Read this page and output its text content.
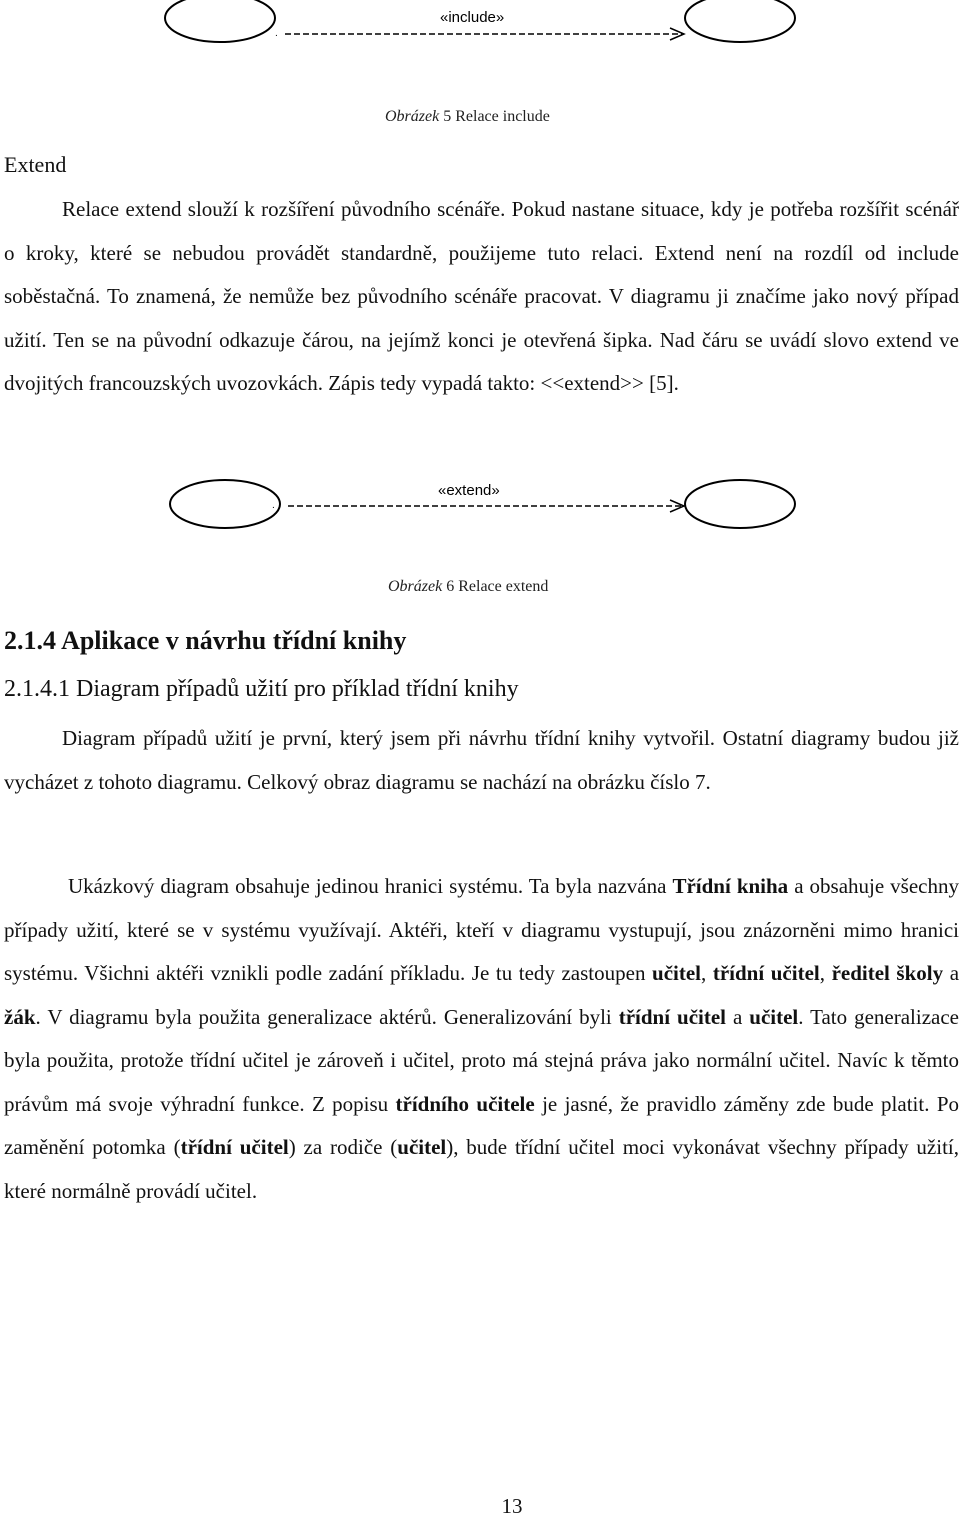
.
«include»
Obrázek 5 Relace include
Extend

Relace extend slouží k rozšíření původního scénáře. Pokud nastane situace, kdy je potřeba rozšířit scénář o kroky, které se nebudou provádět standardně, použijeme tuto relaci. Extend není na rozdíl od include soběstačná. To znamená, že nemůže bez původního scénáře pracovat. V diagramu ji značíme jako nový případ užití. Ten se na původní odkazuje čárou, na jejímž konci je otevřená šipka. Nad čáru se uvádí slovo extend ve dvojitých francouzských uvozovkách. Zápis tedy vypadá takto: <<extend>> [5].

.
«extend»
Obrázek 6 Relace extend
2.1.4 Aplikace v návrhu třídní knihy
2.1.4.1 Diagram případů užití pro příklad třídní knihy

Diagram případů užití je první, který jsem při návrhu třídní knihy vytvořil. Ostatní diagramy budou již vycházet z tohoto diagramu. Celkový obraz diagramu se nachází na obrázku číslo 7.

Ukázkový diagram obsahuje jedinou hranici systému. Ta byla nazvána Třídní kniha a obsahuje všechny případy užití, které se v systému využívají. Aktéři, kteří v diagramu vystupují, jsou znázorněni mimo hranici systému. Všichni aktéři vznikli podle zadání příkladu. Je tu tedy zastoupen učitel, třídní učitel, ředitel školy a žák. V diagramu byla použita generalizace aktérů. Generalizování byli třídní učitel a učitel. Tato generalizace byla použita, protože třídní učitel je zároveň i učitel, proto má stejná práva jako normální učitel. Navíc k těmto právům má svoje výhradní funkce. Z popisu třídního učitele je jasné, že pravidlo záměny zde bude platit. Po zaměnění potomka (třídní učitel) za rodiče (učitel), bude třídní učitel moci vykonávat všechny případy užití, které normálně provádí učitel.

13
